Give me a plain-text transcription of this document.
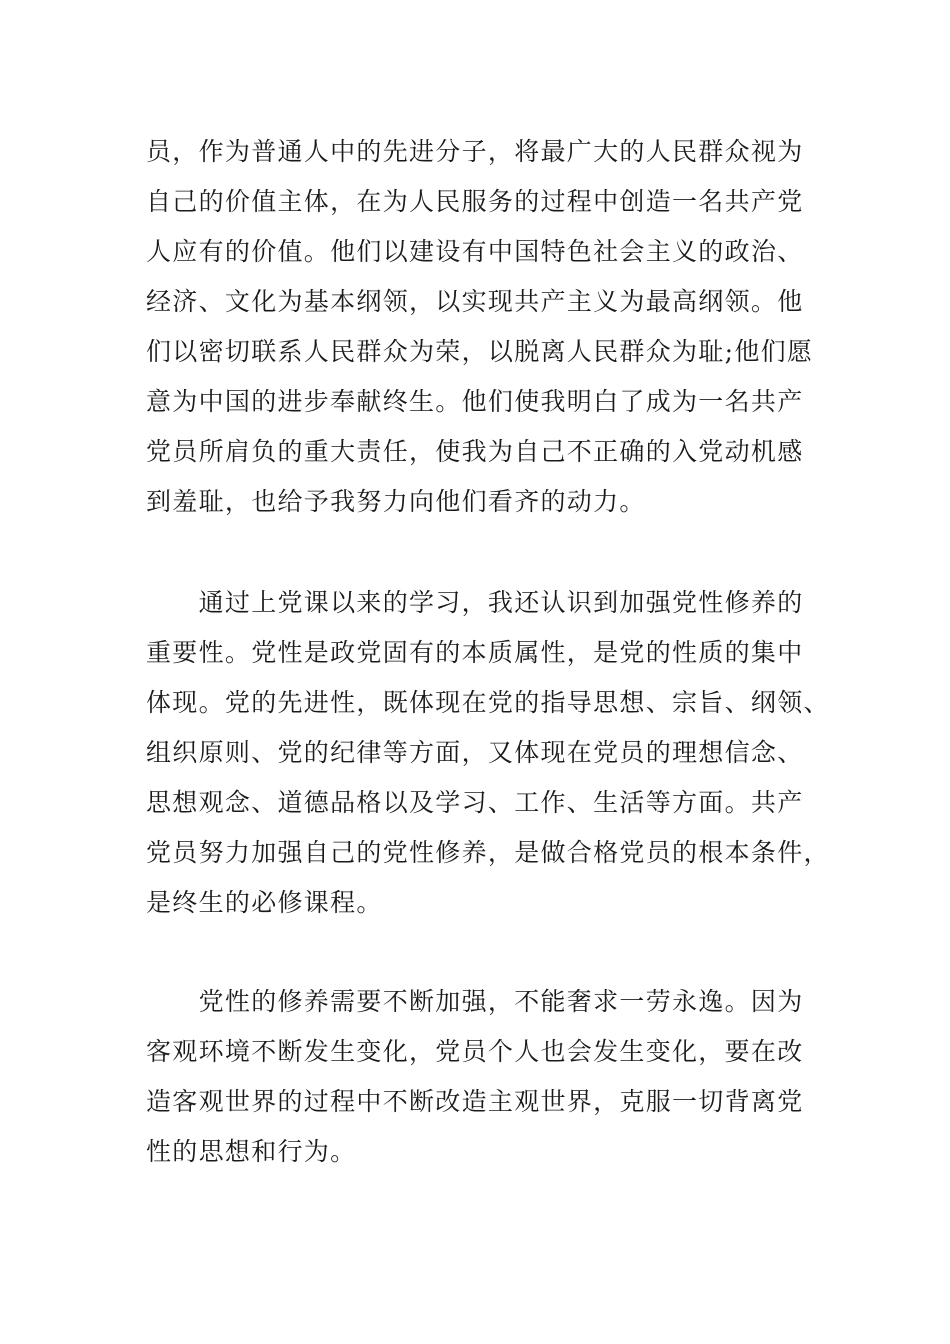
员，作为普通人中的先进分子，将最广大的人民群众视为
自己的价值主体，在为人民服务的过程中创造一名共产党
人应有的价值。他们以建设有中国特色社会主义的政治、
经济、文化为基本纲领，以实现共产主义为最高纲领。他
们以密切联系人民群众为荣，以脱离人民群众为耻;他们愿
意为中国的进步奉献终生。他们使我明白了成为一名共产
党员所肩负的重大责任，使我为自己不正确的入党动机感
到羞耻，也给予我努力向他们看齐的动力。

　　通过上党课以来的学习，我还认识到加强党性修养的
重要性。党性是政党固有的本质属性，是党的性质的集中
体现。党的先进性，既体现在党的指导思想、宗旨、纲领、
组织原则、党的纪律等方面，又体现在党员的理想信念、
思想观念、道德品格以及学习、工作、生活等方面。共产
党员努力加强自己的党性修养，是做合格党员的根本条件，
是终生的必修课程。

　　党性的修养需要不断加强，不能奢求一劳永逸。因为
客观环境不断发生变化，党员个人也会发生变化，要在改
造客观世界的过程中不断改造主观世界，克服一切背离党
性的思想和行为。
